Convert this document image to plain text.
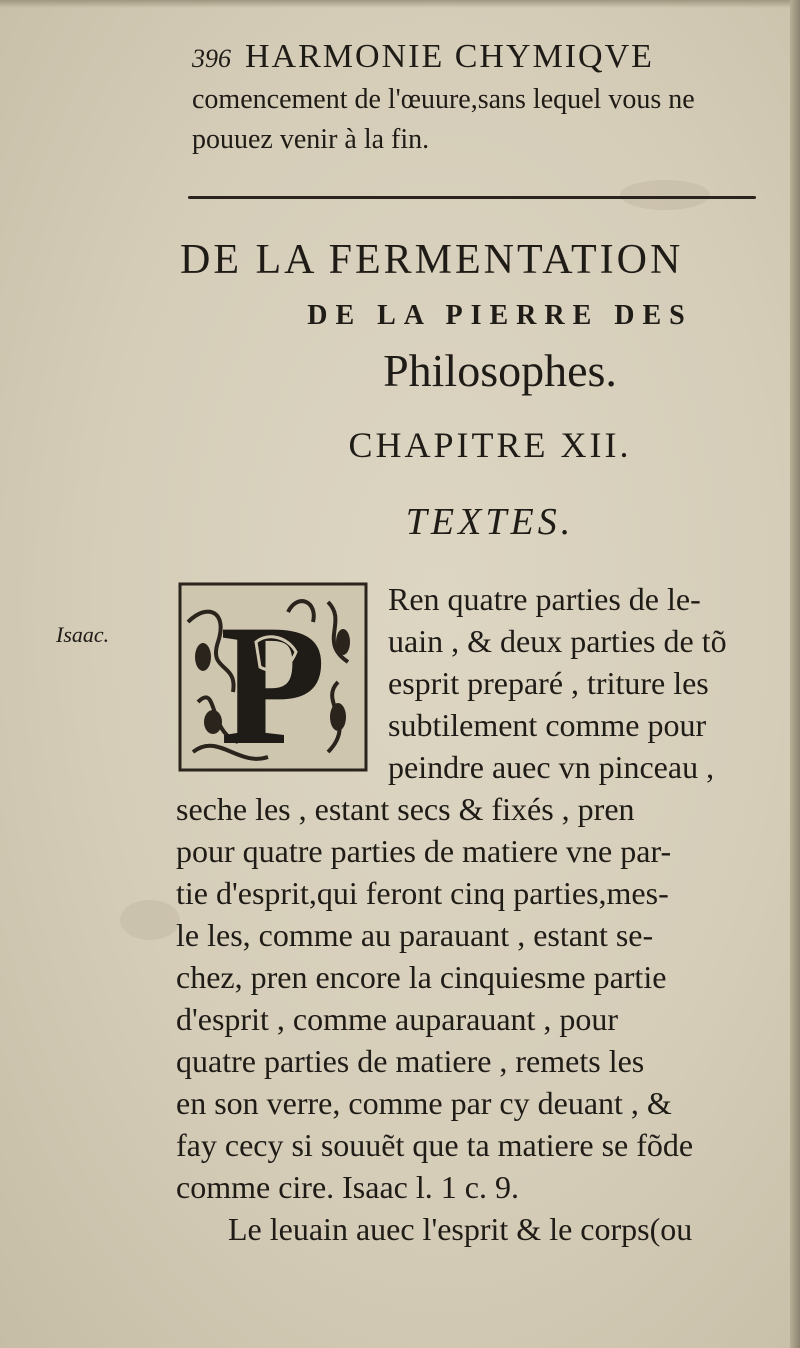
396 HARMONIE CHYMIQVE
comencement de l'œuure,sans lequel vous ne
pouuez venir à la fin.
DE LA FERMENTATION
DE LA PIERRE DES
Philosophes.
CHAPITRE XII.
TEXTES.
Isaac. P Ren quatre parties de le-
uain , & deux parties de tõ
esprit preparé , triture les
subtilement comme pour
peindre auec vn pinceau ,
seche les , estant secs & fixés , pren
pour quatre parties de matiere vne par-
tie d'esprit,qui feront cinq parties,mes-
le les, comme au parauant , estant se-
chez, pren encore la cinquiesme partie
d'esprit , comme auparauant , pour
quatre parties de matiere , remets les
en son verre, comme par cy deuant , &
fay cecy si souuẽt que ta matiere se fõde
comme cire. Isaac l. 1 c. 9.
Le leuain auec l'esprit & le corps(ou
